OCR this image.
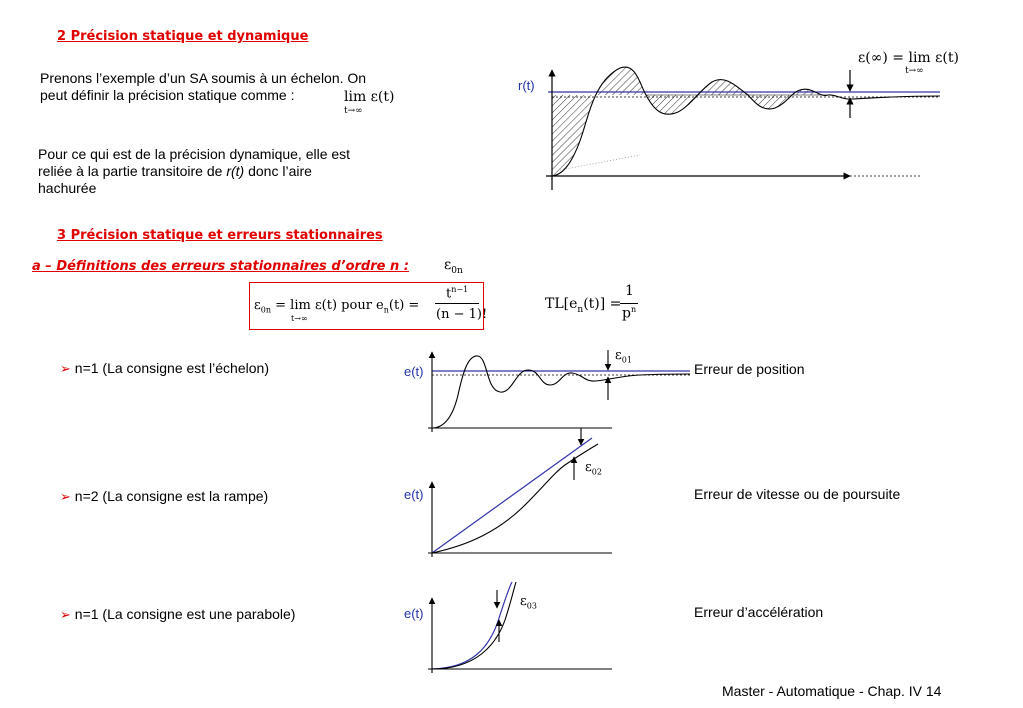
2 Précision statique et dynamique
Prenons l’exemple d’un SA soumis à un échelon. On
peut définir la précision statique comme :	lim ε(t)
t→∞
Pour ce qui est de la précision dynamique, elle est
reliée à la partie transitoire de r(t) donc l’aire
hachurée
r(t)
ε(∞) = lim ε(t)
t→∞
3 Précision statique et erreurs stationnaires
a – Définitions des erreurs stationnaires d’ordre n :	$\varepsilon_{0n}$
$\varepsilon_{0n} = \lim \varepsilon(t)$ pour $e_n(t)$ =
t→∞
$t^{n-1}$
(n − 1)!
$TL[e_n(t)]$ =
1
$p^n$
➢ n=1 (La consigne est l’échelon)	e(t)
$\varepsilon_{01}$
Erreur de position
➢ n=2 (La consigne est la rampe)	e(t)
$\varepsilon_{02}$
Erreur de vitesse ou de poursuite
➢ n=1 (La consigne est une parabole)	e(t)
$\varepsilon_{03}$	Erreur d’accélération
Master - Automatique - Chap. IV 14
